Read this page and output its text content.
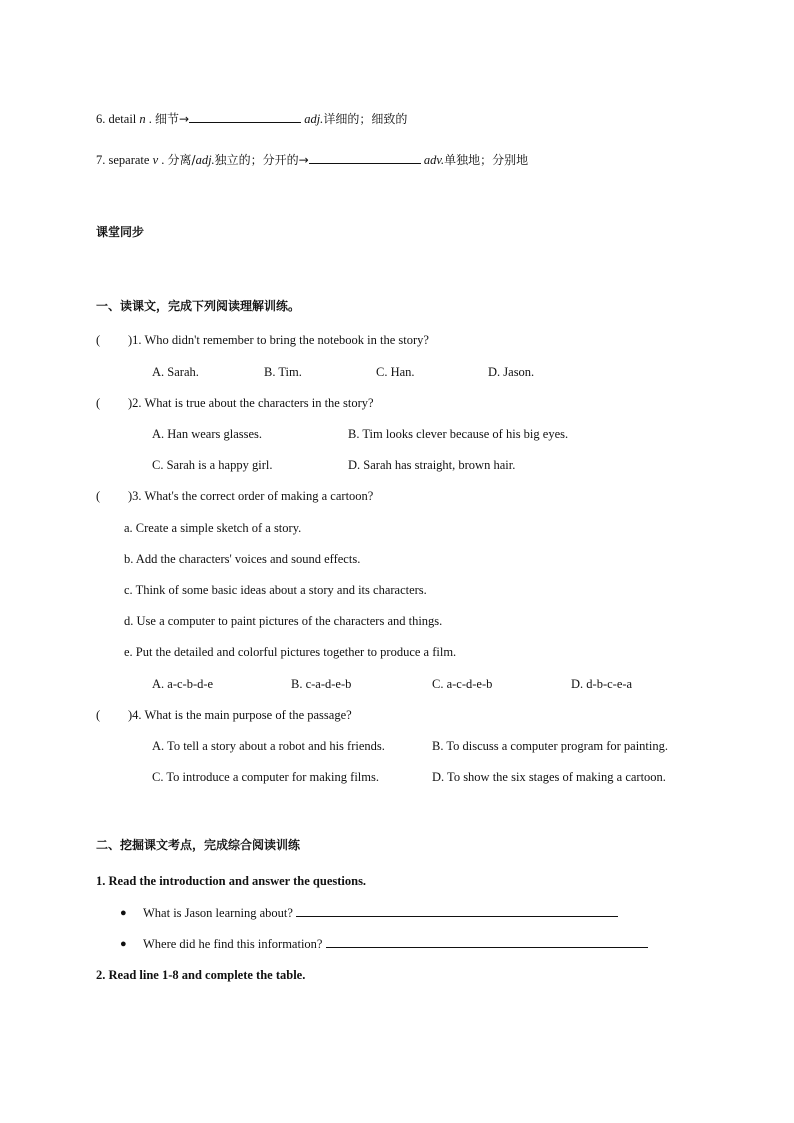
6. detail n . 细节→	adj.详细的；细致的
7. separate v . 分离/adj.独立的；分开的→	adv.单独地；分别地
课堂同步
一、读课文，完成下列阅读理解训练。
( )1. Who didn't remember to bring the notebook in the story?
A. Sarah.	B. Tim.	C. Han.	D. Jason.
( )2. What is true about the characters in the story?
A. Han wears glasses.	B. Tim looks clever because of his big eyes.
C. Sarah is a happy girl.	D. Sarah has straight, brown hair.
( )3. What's the correct order of making a cartoon?
a. Create a simple sketch of a story.
b. Add the characters' voices and sound effects.
c. Think of some basic ideas about a story and its characters.
d. Use a computer to paint pictures of the characters and things.
e. Put the detailed and colorful pictures together to produce a film.
A. a-c-b-d-e	B. c-a-d-e-b	C. a-c-d-e-b	D. d-b-c-e-a
( )4. What is the main purpose of the passage?
A. To tell a story about a robot and his friends.	B. To discuss a computer program for painting.
C. To introduce a computer for making films.	D. To show the six stages of making a cartoon.
二、挖掘课文考点，完成综合阅读训练
1. Read the introduction and answer the questions.
● What is Jason learning about?
● Where did he find this information?
2. Read line 1-8 and complete the table.
